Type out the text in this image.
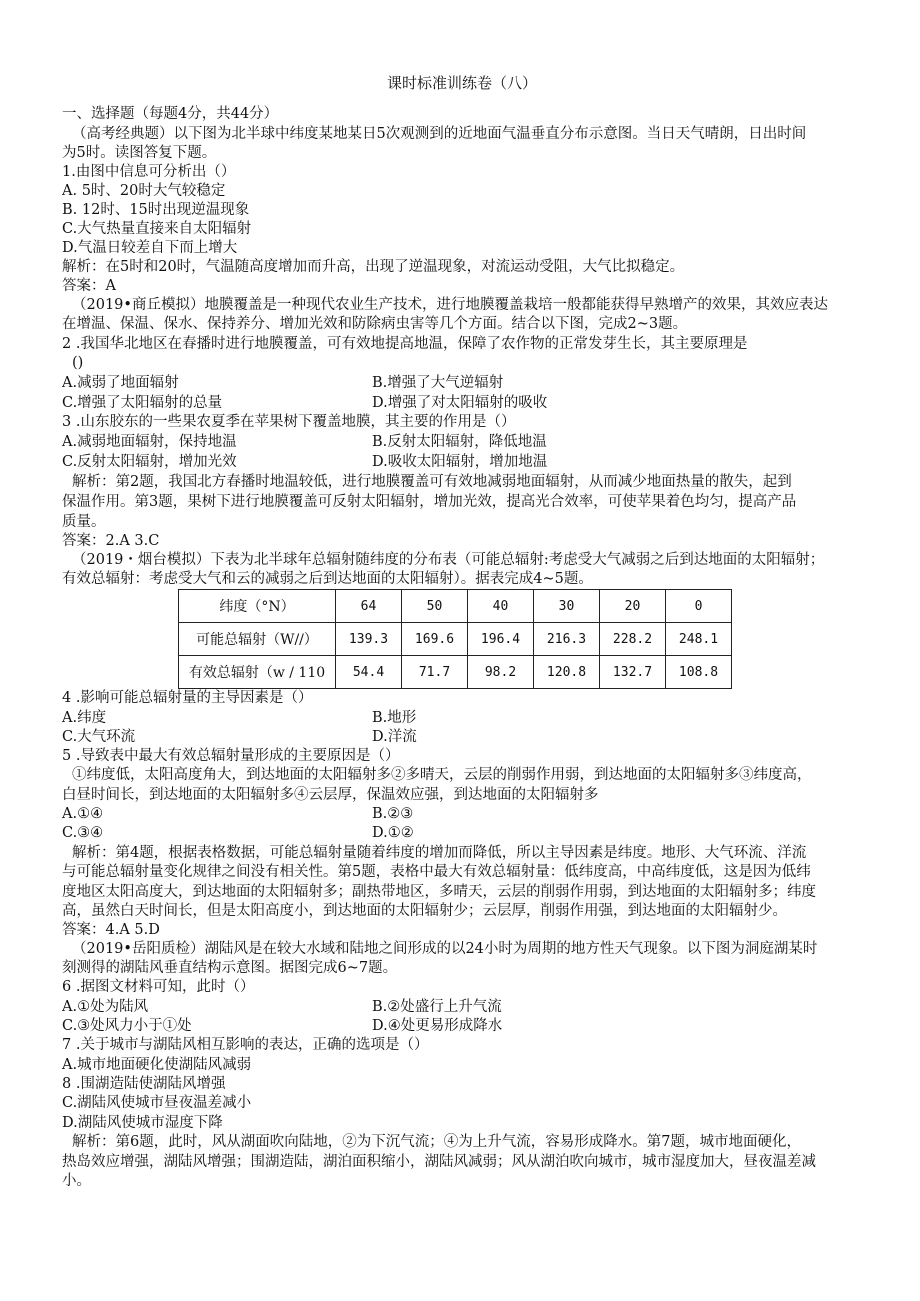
课时标准训练卷（八）
一、选择题（每题4分，共44分）
（高考经典题）以下图为北半球中纬度某地某日5次观测到的近地面气温垂直分布示意图。当日天气晴朗，日出时间
为5时。读图答复下题。
1.由图中信息可分析出（）
A. 5时、20时大气较稳定
B. 12时、15时出现逆温现象
C.大气热量直接来自太阳辐射
D.气温日较差自下而上增大
解析：在5时和20时，气温随高度增加而升高，出现了逆温现象，对流运动受阻，大气比拟稳定。
答案：A
（2019•商丘模拟）地膜覆盖是一种现代农业生产技术，进行地膜覆盖栽培一般都能获得早熟增产的效果，其效应表达
在增温、保温、保水、保持养分、增加光效和防除病虫害等几个方面。结合以下图，完成2~3题。
2 .我国华北地区在春播时进行地膜覆盖，可有效地提高地温，保障了农作物的正常发芽生长，其主要原理是
()
A.减弱了地面辐射	B.增强了大气逆辐射
C.增强了太阳辐射的总量	D.增强了对太阳辐射的吸收
3 .山东胶东的一些果农夏季在苹果树下覆盖地膜，其主要的作用是（）
A.减弱地面辐射，保持地温	B.反射太阳辐射，降低地温
C.反射太阳辐射，增加光效	D.吸收太阳辐射，增加地温
解析：第2题，我国北方春播时地温较低，进行地膜覆盖可有效地减弱地面辐射，从而减少地面热量的散失，起到
保温作用。第3题，果树下进行地膜覆盖可反射太阳辐射，增加光效，提高光合效率，可使苹果着色均匀，提高产品
质量。
答案：2.A 3.C
（2019・烟台模拟）下表为北半球年总辐射随纬度的分布表（可能总辐射:考虑受大气减弱之后到达地面的太阳辐射；
有效总辐射：考虑受大气和云的减弱之后到达地面的太阳辐射）。据表完成4~5题。
纬度（°N）	64	50	40	30	20	0
可能总辐射（W//）	139.3	169.6	196.4	216.3	228.2	248.1
有效总辐射（w / 110	54.4	71.7	98.2	120.8	132.7	108.8
4 .影响可能总辐射量的主导因素是（）
A.纬度	B.地形
C.大气环流	D.洋流
5 .导致表中最大有效总辐射量形成的主要原因是（）
①纬度低，太阳高度角大，到达地面的太阳辐射多②多晴天，云层的削弱作用弱，到达地面的太阳辐射多③纬度高，
白昼时间长，到达地面的太阳辐射多④云层厚，保温效应强，到达地面的太阳辐射多
A.①④	B.②③
C.③④	D.①②
解析：第4题，根据表格数据，可能总辐射量随着纬度的增加而降低，所以主导因素是纬度。地形、大气环流、洋流
与可能总辐射量变化规律之间没有相关性。第5题，表格中最大有效总辐射量：低纬度高，中高纬度低，这是因为低纬
度地区太阳高度大，到达地面的太阳辐射多；副热带地区，多晴天，云层的削弱作用弱，到达地面的太阳辐射多；纬度
高，虽然白天时间长，但是太阳高度小，到达地面的太阳辐射少；云层厚，削弱作用强，到达地面的太阳辐射少。
答案：4.A 5.D
（2019•岳阳质检）湖陆风是在较大水域和陆地之间形成的以24小时为周期的地方性天气现象。以下图为洞庭湖某时
刻测得的湖陆风垂直结构示意图。据图完成6~7题。
6 .据图文材料可知，此时（）
A.①处为陆风	B.②处盛行上升气流
C.③处风力小于①处	D.④处更易形成降水
7 .关于城市与湖陆风相互影响的表达，正确的选项是（）
A.城市地面硬化使湖陆风减弱
8 .围湖造陆使湖陆风增强
C.湖陆风使城市昼夜温差减小
D.湖陆风使城市湿度下降
解析：第6题，此时，风从湖面吹向陆地，②为下沉气流；④为上升气流，容易形成降水。第7题，城市地面硬化，
热岛效应增强，湖陆风增强；围湖造陆，湖泊面积缩小，湖陆风减弱；风从湖泊吹向城市，城市湿度加大，昼夜温差减
小。
